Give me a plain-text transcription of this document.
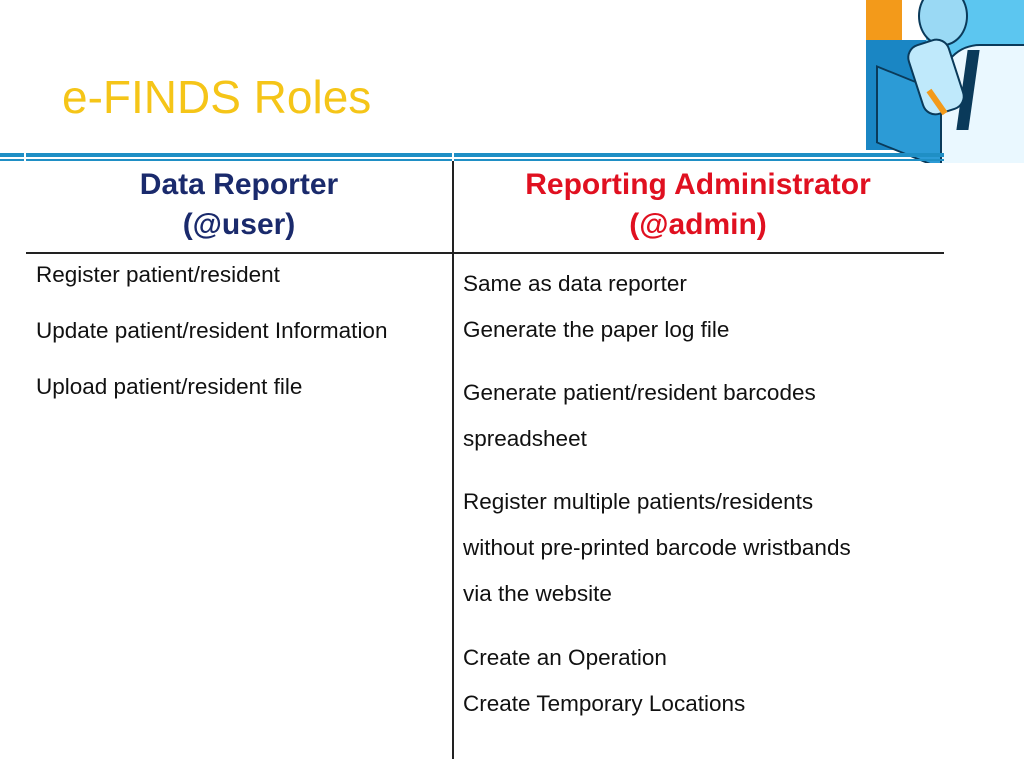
e-FINDS Roles
Data Reporter
(@user)
Reporting Administrator
(@admin)
Register patient/resident
Update patient/resident Information
Upload patient/resident file
Same as data reporter
Generate the paper log file
Generate patient/resident barcodes
spreadsheet
Register multiple patients/residents
without pre-printed barcode wristbands
via the website
Create an Operation
Create Temporary Locations
